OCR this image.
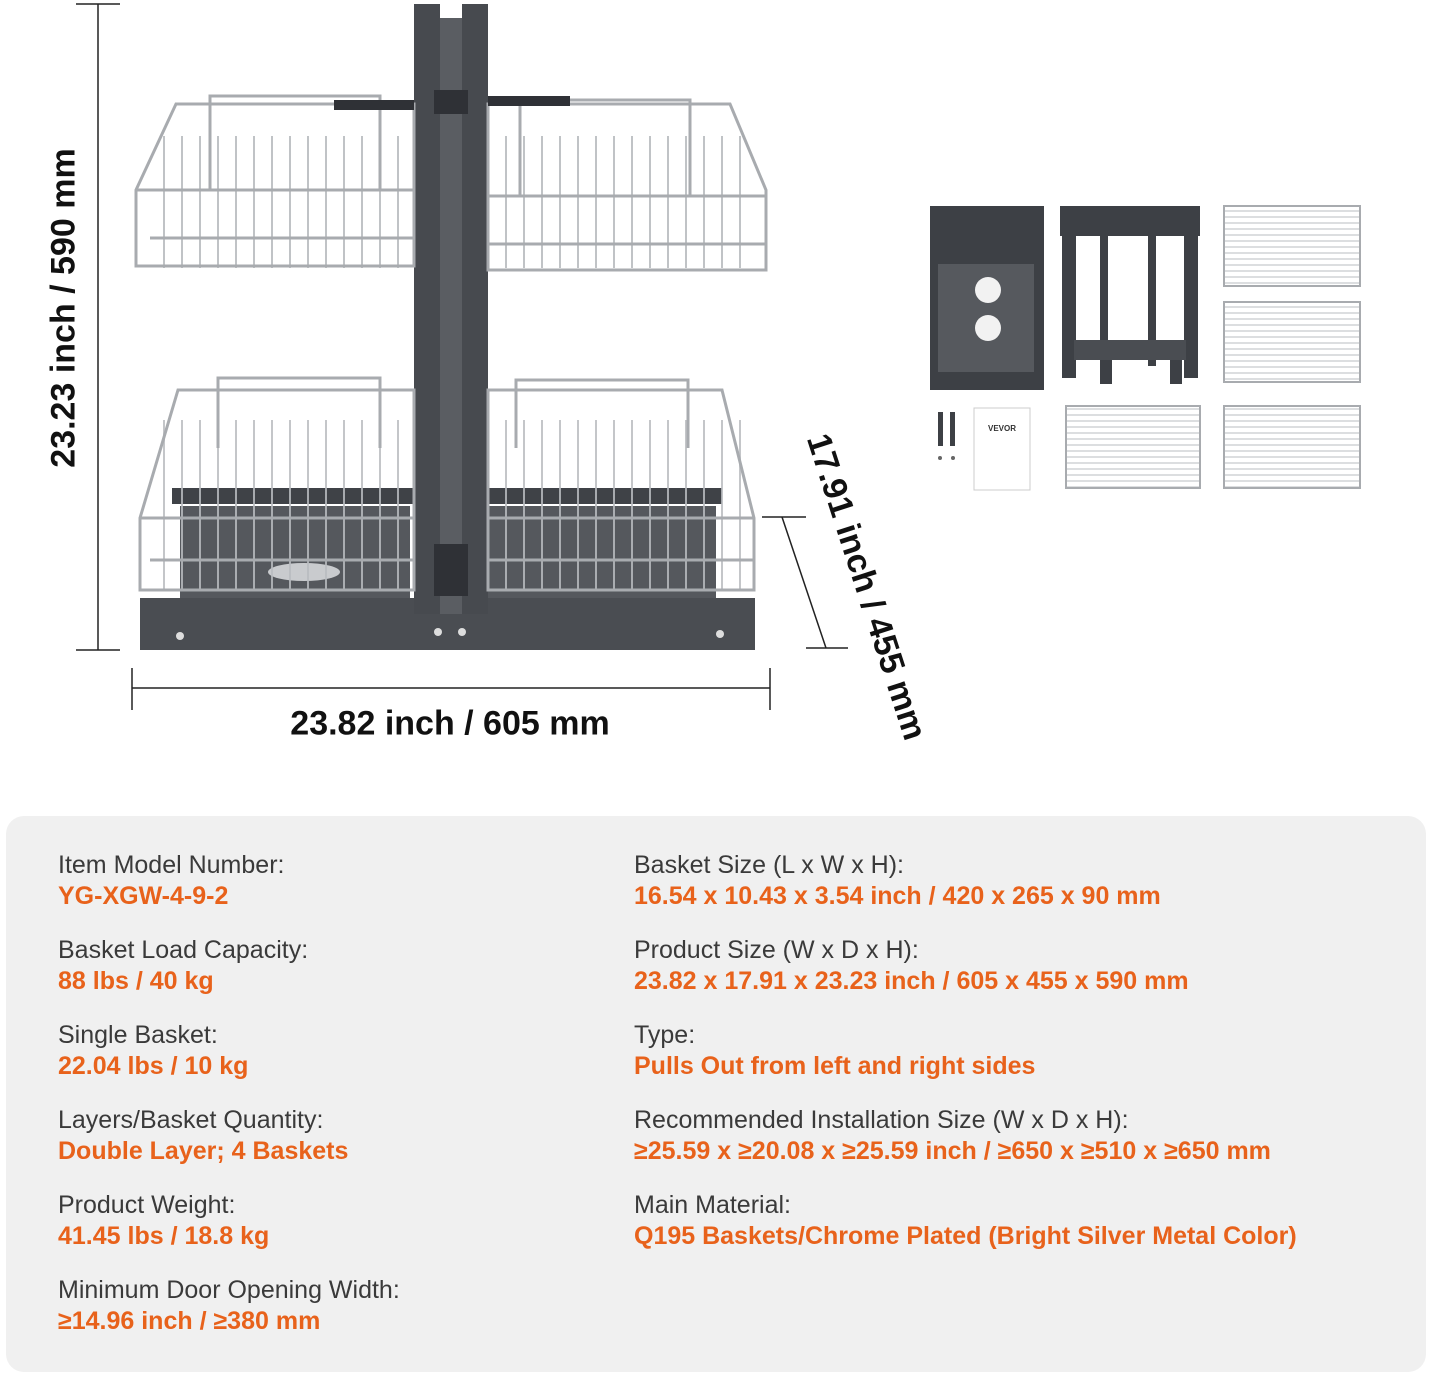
VEVOR
23.23 inch / 590 mm
23.82 inch / 605 mm	17.91 inch / 455 mm
Item Model Number:
YG-XGW-4-9-2
Basket Load Capacity:
88 lbs / 40 kg
Single Basket:
22.04 lbs / 10 kg
Layers/Basket Quantity:
Double Layer; 4 Baskets
Product Weight:
41.45 lbs / 18.8 kg
Minimum Door Opening Width:
≥14.96 inch / ≥380 mm
Basket Size (L x W x H):
16.54 x 10.43 x 3.54 inch / 420 x 265 x 90 mm
Product Size (W x D x H):
23.82 x 17.91 x 23.23 inch / 605 x 455 x 590 mm
Type:
Pulls Out from left and right sides
Recommended Installation Size (W x D x H):
≥25.59 x ≥20.08 x ≥25.59 inch / ≥650 x ≥510 x ≥650 mm
Main Material:
Q195 Baskets/Chrome Plated (Bright Silver Metal Color)
